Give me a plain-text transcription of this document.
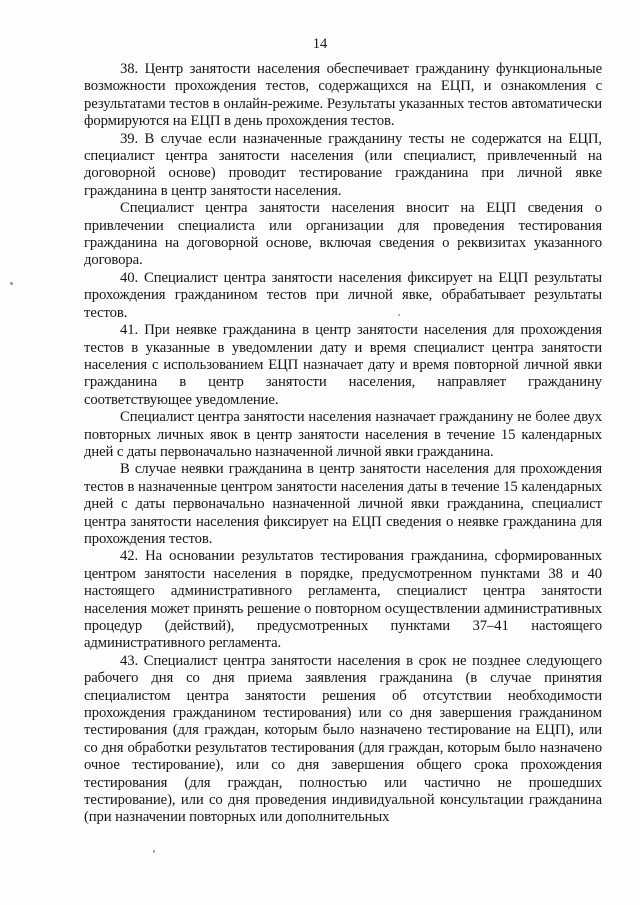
14

38. Центр занятости населения обеспечивает гражданину функциональные возможности прохождения тестов, содержащихся на ЕЦП, и ознакомления с результатами тестов в онлайн-режиме. Результаты указанных тестов автоматически формируются на ЕЦП в день прохождения тестов.

39. В случае если назначенные гражданину тесты не содержатся на ЕЦП, специалист центра занятости населения (или специалист, привлеченный на договорной основе) проводит тестирование гражданина при личной явке гражданина в центр занятости населения.

Специалист центра занятости населения вносит на ЕЦП сведения о привлечении специалиста или организации для проведения тестирования гражданина на договорной основе, включая сведения о реквизитах указанного договора.

40. Специалист центра занятости населения фиксирует на ЕЦП результаты прохождения гражданином тестов при личной явке, обрабатывает результаты тестов.

41. При неявке гражданина в центр занятости населения для прохождения тестов в указанные в уведомлении дату и время специалист центра занятости населения с использованием ЕЦП назначает дату и время повторной личной явки гражданина в центр занятости населения, направляет гражданину соответствующее уведомление.

Специалист центра занятости населения назначает гражданину не более двух повторных личных явок в центр занятости населения в течение 15 календарных дней с даты первоначально назначенной личной явки гражданина.

В случае неявки гражданина в центр занятости населения для прохождения тестов в назначенные центром занятости населения даты в течение 15 календарных дней с даты первоначально назначенной личной явки гражданина, специалист центра занятости населения фиксирует на ЕЦП сведения о неявке гражданина для прохождения тестов.

42. На основании результатов тестирования гражданина, сформированных центром занятости населения в порядке, предусмотренном пунктами 38 и 40 настоящего административного регламента, специалист центра занятости населения может принять решение о повторном осуществлении административных процедур (действий), предусмотренных пунктами 37–41 настоящего административного регламента.

43. Специалист центра занятости населения в срок не позднее следующего рабочего дня со дня приема заявления гражданина (в случае принятия специалистом центра занятости решения об отсутствии необходимости прохождения гражданином тестирования) или со дня завершения гражданином тестирования (для граждан, которым было назначено тестирование на ЕЦП), или со дня обработки результатов тестирования (для граждан, которым было назначено очное тестирование), или со дня завершения общего срока прохождения тестирования (для граждан, полностью или частично не прошедших тестирование), или со дня проведения индивидуальной консультации гражданина (при назначении повторных или дополнительных
